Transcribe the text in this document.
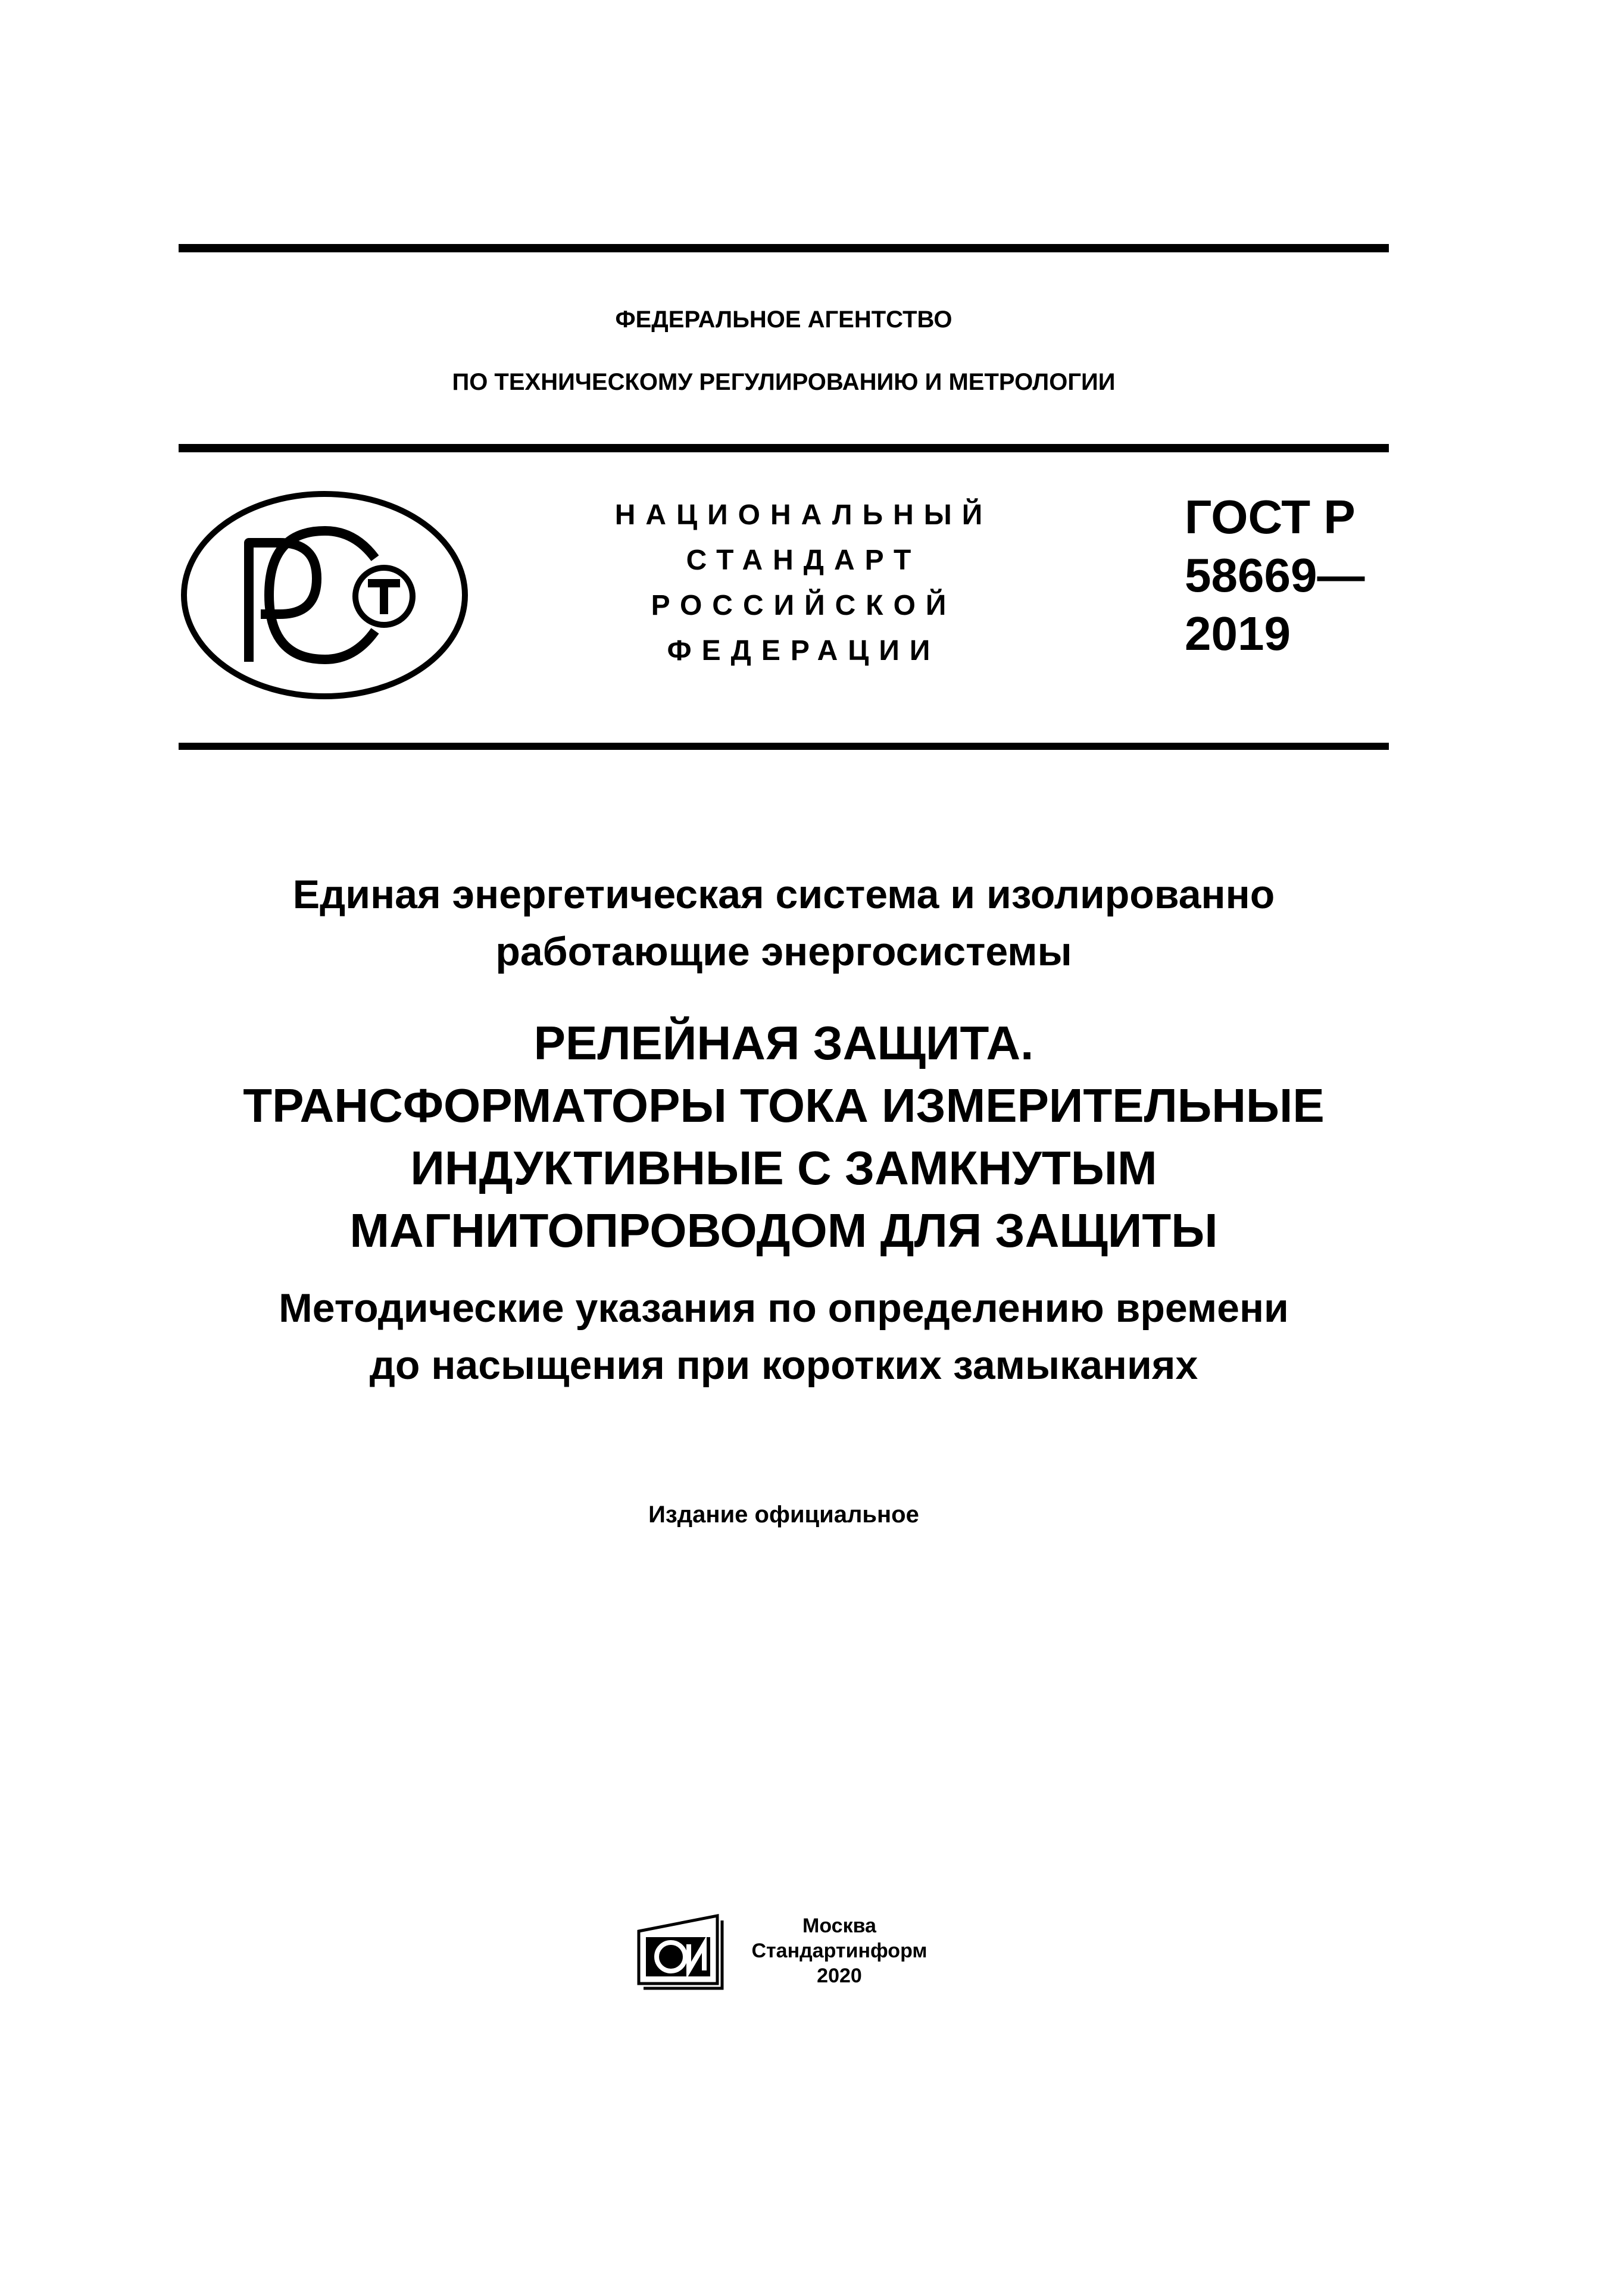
ФЕДЕРАЛЬНОЕ АГЕНТСТВО
ПО ТЕХНИЧЕСКОМУ РЕГУЛИРОВАНИЮ И МЕТРОЛОГИИ
НАЦИОНАЛЬНЫЙ
СТАНДАРТ
РОССИЙСКОЙ
ФЕДЕРАЦИИ
ГОСТ Р
58669—
2019
Единая энергетическая система и изолированно
работающие энергосистемы
РЕЛЕЙНАЯ ЗАЩИТА.
ТРАНСФОРМАТОРЫ ТОКА ИЗМЕРИТЕЛЬНЫЕ
ИНДУКТИВНЫЕ С ЗАМКНУТЫМ
МАГНИТОПРОВОДОМ ДЛЯ ЗАЩИТЫ
Методические указания по определению времени
до насыщения при коротких замыканиях
Издание официальное
Москва
Стандартинформ
2020
